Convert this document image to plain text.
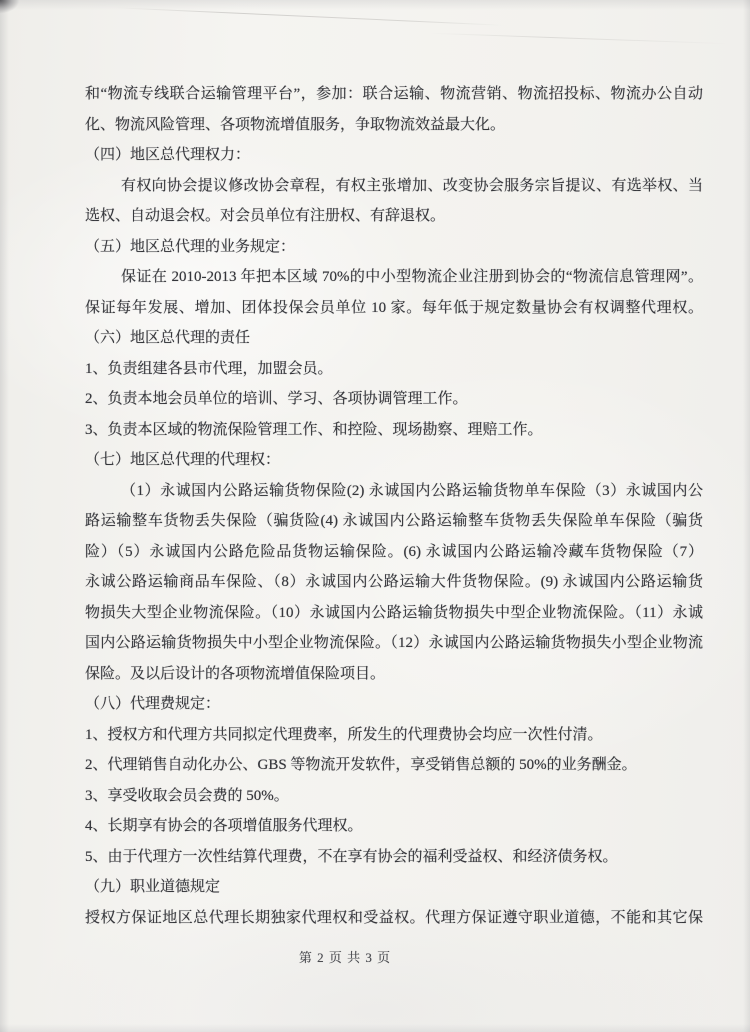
和“物流专线联合运输管理平台”，参加：联合运输、物流营销、物流招投标、物流办公自动
化、物流风险管理、各项物流增值服务，争取物流效益最大化。
（四）地区总代理权力：
有权向协会提议修改协会章程，有权主张增加、改变协会服务宗旨提议、有选举权、当
选权、自动退会权。对会员单位有注册权、有辞退权。
（五）地区总代理的业务规定：
保证在 2010-2013 年把本区域 70%的中小型物流企业注册到协会的“物流信息管理网”。
保证每年发展、增加、团体投保会员单位 10 家。每年低于规定数量协会有权调整代理权。
（六）地区总代理的责任
1、负责组建各县市代理，加盟会员。
2、负责本地会员单位的培训、学习、各项协调管理工作。
3、负责本区域的物流保险管理工作、和控险、现场勘察、理赔工作。
（七）地区总代理的代理权：
（1）永诚国内公路运输货物保险(2) 永诚国内公路运输货物单车保险（3）永诚国内公
路运输整车货物丢失保险（骗货险(4) 永诚国内公路运输整车货物丢失保险单车保险（骗货
险）（5）永诚国内公路危险品货物运输保险。(6) 永诚国内公路运输冷藏车货物保险（7）
永诚公路运输商品车保险、（8）永诚国内公路运输大件货物保险。(9) 永诚国内公路运输货
物损失大型企业物流保险。（10）永诚国内公路运输货物损失中型企业物流保险。（11）永诚
国内公路运输货物损失中小型企业物流保险。（12）永诚国内公路运输货物损失小型企业物流
保险。及以后设计的各项物流增值保险项目。
（八）代理费规定：
1、授权方和代理方共同拟定代理费率，所发生的代理费协会均应一次性付清。
2、代理销售自动化办公、GBS 等物流开发软件，享受销售总额的 50%的业务酬金。
3、享受收取会员会费的 50%。
4、长期享有协会的各项增值服务代理权。
5、由于代理方一次性结算代理费，不在享有协会的福利受益权、和经济债务权。
（九）职业道德规定
授权方保证地区总代理长期独家代理权和受益权。代理方保证遵守职业道德，不能和其它保
第 2 页 共 3 页
